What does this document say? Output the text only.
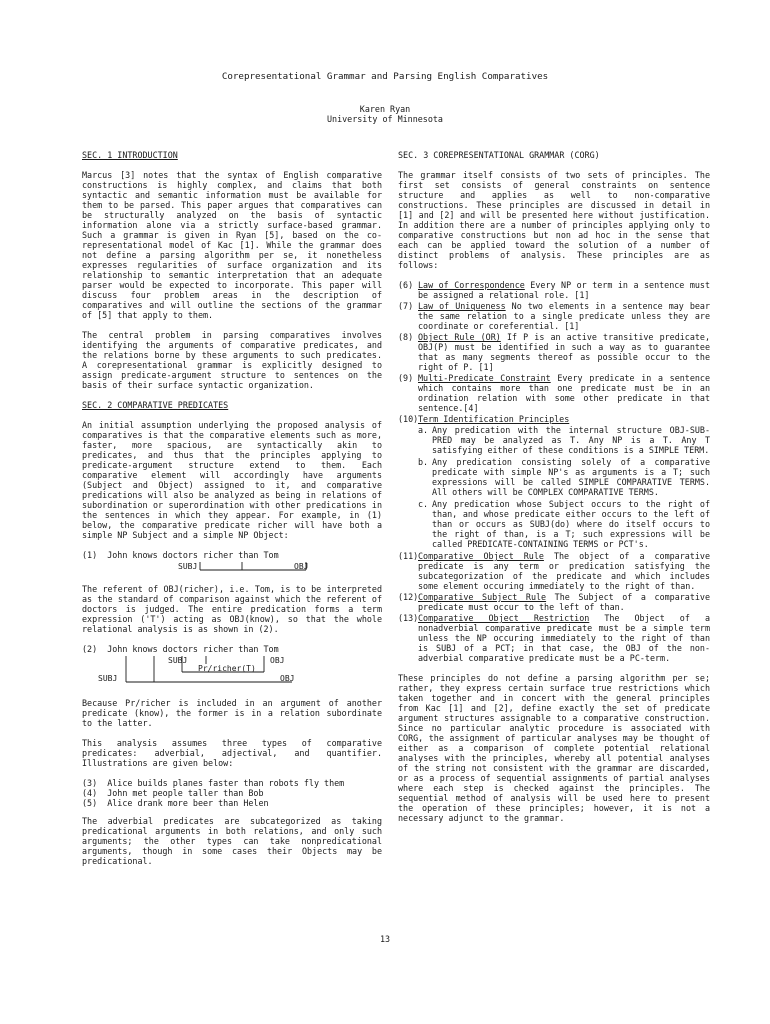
Corepresentational Grammar and Parsing English Comparatives
Karen Ryan
University of Minnesota
SEC. 1 INTRODUCTION

Marcus [3] notes that the syntax of English comparative constructions is highly complex, and claims that both syntactic and semantic information must be available for them to be parsed. This paper argues that comparatives can be structurally analyzed on the basis of syntactic information alone via a strictly surface-based grammar. Such a grammar is given in Ryan [5], based on the co-representational model of Kac [1]. While the grammar does not define a parsing algorithm per se, it nonetheless expresses regularities of surface organization and its relationship to semantic interpretation that an adequate parser would be expected to incorporate. This paper will discuss four problem areas in the description of comparatives and will outline the sections of the grammar of [5] that apply to them.

The central problem in parsing comparatives involves identifying the arguments of comparative predicates, and the relations borne by these arguments to such predicates. A corepresentational grammar is explicitly designed to assign predicate-argument structure to sentences on the basis of their surface syntactic organization.

SEC. 2 COMPARATIVE PREDICATES

An initial assumption underlying the proposed analysis of comparatives is that the comparative elements such as more, faster, more spacious, are syntactically akin to predicates, and thus that the principles applying to predicate-argument structure extend to them. Each comparative element will accordingly have arguments (Subject and Object) assigned to it, and comparative predications will also be analyzed as being in relations of subordination or superordination with other predications in the sentences in which they appear. For example, in (1) below, the comparative predicate richer will have both a simple NP Subject and a simple NP Object:

(1)  John knows doctors richer than Tom
SUBJ	OBJ

The referent of OBJ(richer), i.e. Tom, is to be interpreted as the standard of comparison against which the referent of doctors is judged. The entire predication forms a term expression ('T') acting as OBJ(know), so that the whole relational analysis is as shown in (2).

(2)  John knows doctors richer than Tom
SUBJ	OBJ
Pr/richer(T)
SUBJ	OBJ

Because Pr/richer is included in an argument of another predicate (know), the former is in a relation subordinate to the latter.

This analysis assumes three types of comparative predicates: adverbial, adjectival, and quantifier. Illustrations are given below:

(3)  Alice builds planes faster than robots fly them
(4)  John met people taller than Bob
(5)  Alice drank more beer than Helen

The adverbial predicates are subcategorized as taking predicational arguments in both relations, and only such arguments; the other types can take nonpredicational arguments, though in some cases their Objects may be predicational.

SEC. 3 COREPRESENTATIONAL GRAMMAR (CORG)

The grammar itself consists of two sets of principles. The first set consists of general constraints on sentence structure and applies as well to non-comparative constructions. These principles are discussed in detail in [1] and [2] and will be presented here without justification. In addition there are a number of principles applying only to comparative constructions but non ad hoc in the sense that each can be applied toward the solution of a number of distinct problems of analysis. These principles are as follows:

(6) Law of Correspondence Every NP or term in a sentence must be assigned a relational role. [1]
(7) Law of Uniqueness No two elements in a sentence may bear the same relation to a single predicate unless they are coordinate or coreferential. [1]
(8) Object Rule (OR) If P is an active transitive predicate, OBJ(P) must be identified in such a way as to guarantee that as many segments thereof as possible occur to the right of P. [1]
(9) Multi-Predicate Constraint Every predicate in a sentence which contains more than one predicate must be in an ordination relation with some other predicate in that sentence.[4]
(10) Term Identification Principles
a. Any predication with the internal structure OBJ-SUB-PRED may be analyzed as T. Any NP is a T. Any T satisfying either of these conditions is a SIMPLE TERM.
b. Any predication consisting solely of a comparative predicate with simple NP's as arguments is a T; such expressions will be called SIMPLE COMPARATIVE TERMS. All others will be COMPLEX COMPARATIVE TERMS.
c. Any predication whose Subject occurs to the right of than, and whose predicate either occurs to the left of than or occurs as SUBJ(do) where do itself occurs to the right of than, is a T; such expressions will be called PREDICATE-CONTAINING TERMS or PCT's.
(11) Comparative Object Rule The object of a comparative predicate is any term or predication satisfying the subcategorization of the predicate and which includes some element occuring immediately to the right of than.
(12) Comparative Subject Rule The Subject of a comparative predicate must occur to the left of than.
(13) Comparative Object Restriction The Object of a nonadverbial comparative predicate must be a simple term unless the NP occuring immediately to the right of than is SUBJ of a PCT; in that case, the OBJ of the non-adverbial comparative predicate must be a PC-term.

These principles do not define a parsing algorithm per se; rather, they express certain surface true restrictions which taken together and in concert with the general principles from Kac [1] and [2], define exactly the set of predicate argument structures assignable to a comparative construction. Since no particular analytic procedure is associated with CORG, the assignment of particular analyses may be thought of either as a comparison of complete potential relational analyses with the principles, whereby all potential analyses of the string not consistent with the grammar are discarded, or as a process of sequential assignments of partial analyses where each step is checked against the principles. The sequential method of analysis will be used here to present the operation of these principles; however, it is not a necessary adjunct to the grammar.

13
